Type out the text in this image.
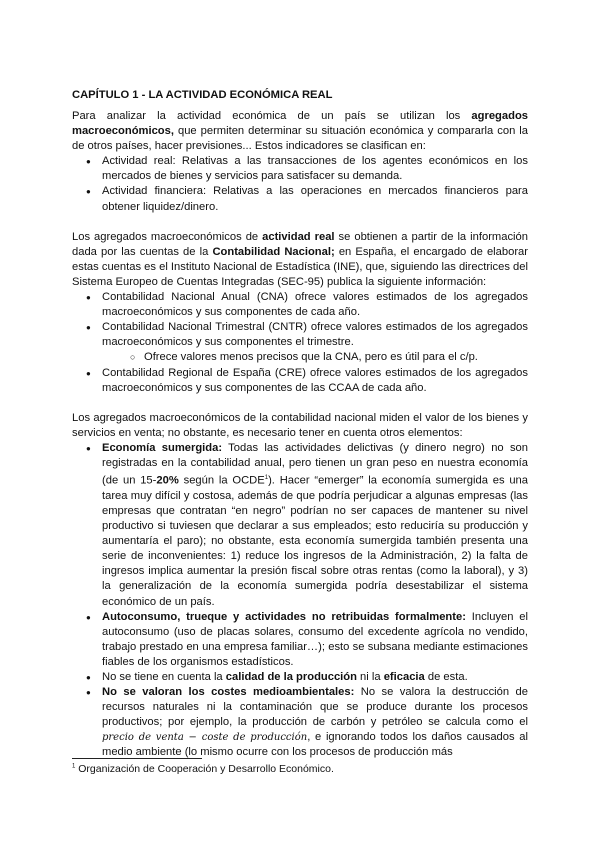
CAPÍTULO 1 - LA ACTIVIDAD ECONÓMICA REAL

Para analizar la actividad económica de un país se utilizan los agregados macroeconómicos, que permiten determinar su situación económica y compararla con la de otros países, hacer previsiones... Estos indicadores se clasifican en:

● Actividad real: Relativas a las transacciones de los agentes económicos en los mercados de bienes y servicios para satisfacer su demanda.
● Actividad financiera: Relativas a las operaciones en mercados financieros para obtener liquidez/dinero.

Los agregados macroeconómicos de actividad real se obtienen a partir de la información dada por las cuentas de la Contabilidad Nacional; en España, el encargado de elaborar estas cuentas es el Instituto Nacional de Estadística (INE), que, siguiendo las directrices del Sistema Europeo de Cuentas Integradas (SEC-95) publica la siguiente información:

● Contabilidad Nacional Anual (CNA) ofrece valores estimados de los agregados macroeconómicos y sus componentes de cada año.
● Contabilidad Nacional Trimestral (CNTR) ofrece valores estimados de los agregados macroeconómicos y sus componentes el trimestre.
○ Ofrece valores menos precisos que la CNA, pero es útil para el c/p.
● Contabilidad Regional de España (CRE) ofrece valores estimados de los agregados macroeconómicos y sus componentes de las CCAA de cada año.

Los agregados macroeconómicos de la contabilidad nacional miden el valor de los bienes y servicios en venta; no obstante, es necesario tener en cuenta otros elementos:

● Economía sumergida: Todas las actividades delictivas (y dinero negro) no son registradas en la contabilidad anual, pero tienen un gran peso en nuestra economía (de un 15-20% según la OCDE$^1$). Hacer “emerger” la economía sumergida es una tarea muy difícil y costosa, además de que podría perjudicar a algunas empresas (las empresas que contratan “en negro” podrían no ser capaces de mantener su nivel productivo si tuviesen que declarar a sus empleados; esto reduciría su producción y aumentaría el paro); no obstante, esta economía sumergida también presenta una serie de inconvenientes: 1) reduce los ingresos de la Administración, 2) la falta de ingresos implica aumentar la presión fiscal sobre otras rentas (como la laboral), y 3) la generalización de la economía sumergida podría desestabilizar el sistema económico de un país.
● Autoconsumo, trueque y actividades no retribuidas formalmente: Incluyen el autoconsumo (uso de placas solares, consumo del excedente agrícola no vendido, trabajo prestado en una empresa familiar…); esto se subsana mediante estimaciones fiables de los organismos estadísticos.
● No se tiene en cuenta la calidad de la producción ni la eficacia de esta.
● No se valoran los costes medioambientales: No se valora la destrucción de recursos naturales ni la contaminación que se produce durante los procesos productivos; por ejemplo, la producción de carbón y petróleo se calcula como el precio de venta − coste de producción, e ignorando todos los daños causados al medio ambiente (lo mismo ocurre con los procesos de producción más

$^1$ Organización de Cooperación y Desarrollo Económico.
